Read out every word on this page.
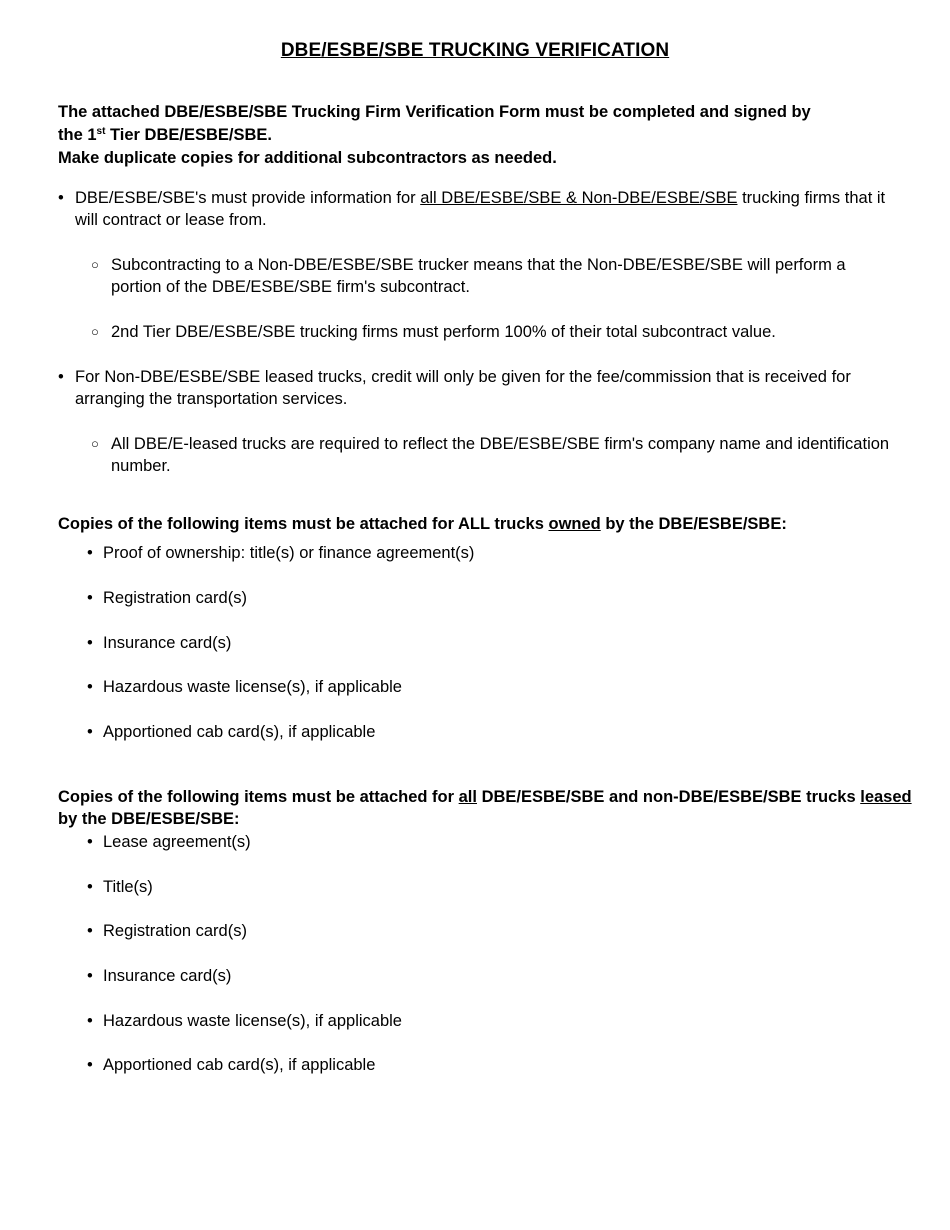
DBE/ESBE/SBE TRUCKING VERIFICATION

The attached DBE/ESBE/SBE Trucking Firm Verification Form must be completed and signed by

the 1st Tier DBE/ESBE/SBE.

Make duplicate copies for additional subcontractors as needed.

• DBE/ESBE/SBE's must provide information for all DBE/ESBE/SBE & Non-DBE/ESBE/SBE trucking firms that it will contract or lease from.
○ Subcontracting to a Non-DBE/ESBE/SBE trucker means that the Non-DBE/ESBE/SBE will perform a portion of the DBE/ESBE/SBE firm's subcontract.
○ 2nd Tier DBE/ESBE/SBE trucking firms must perform 100% of their total subcontract value.
• For Non-DBE/ESBE/SBE leased trucks, credit will only be given for the fee/commission that is received for arranging the transportation services.
○ All DBE/E-leased trucks are required to reflect the DBE/ESBE/SBE firm's company name and identification number.
Copies of the following items must be attached for ALL trucks owned by the DBE/ESBE/SBE:
• Proof of ownership: title(s) or finance agreement(s)
• Registration card(s)
• Insurance card(s)
• Hazardous waste license(s), if applicable
• Apportioned cab card(s), if applicable
Copies of the following items must be attached for all DBE/ESBE/SBE and non-DBE/ESBE/SBE trucks leased by the DBE/ESBE/SBE:
• Lease agreement(s)
• Title(s)
• Registration card(s)
• Insurance card(s)
• Hazardous waste license(s), if applicable
• Apportioned cab card(s), if applicable
